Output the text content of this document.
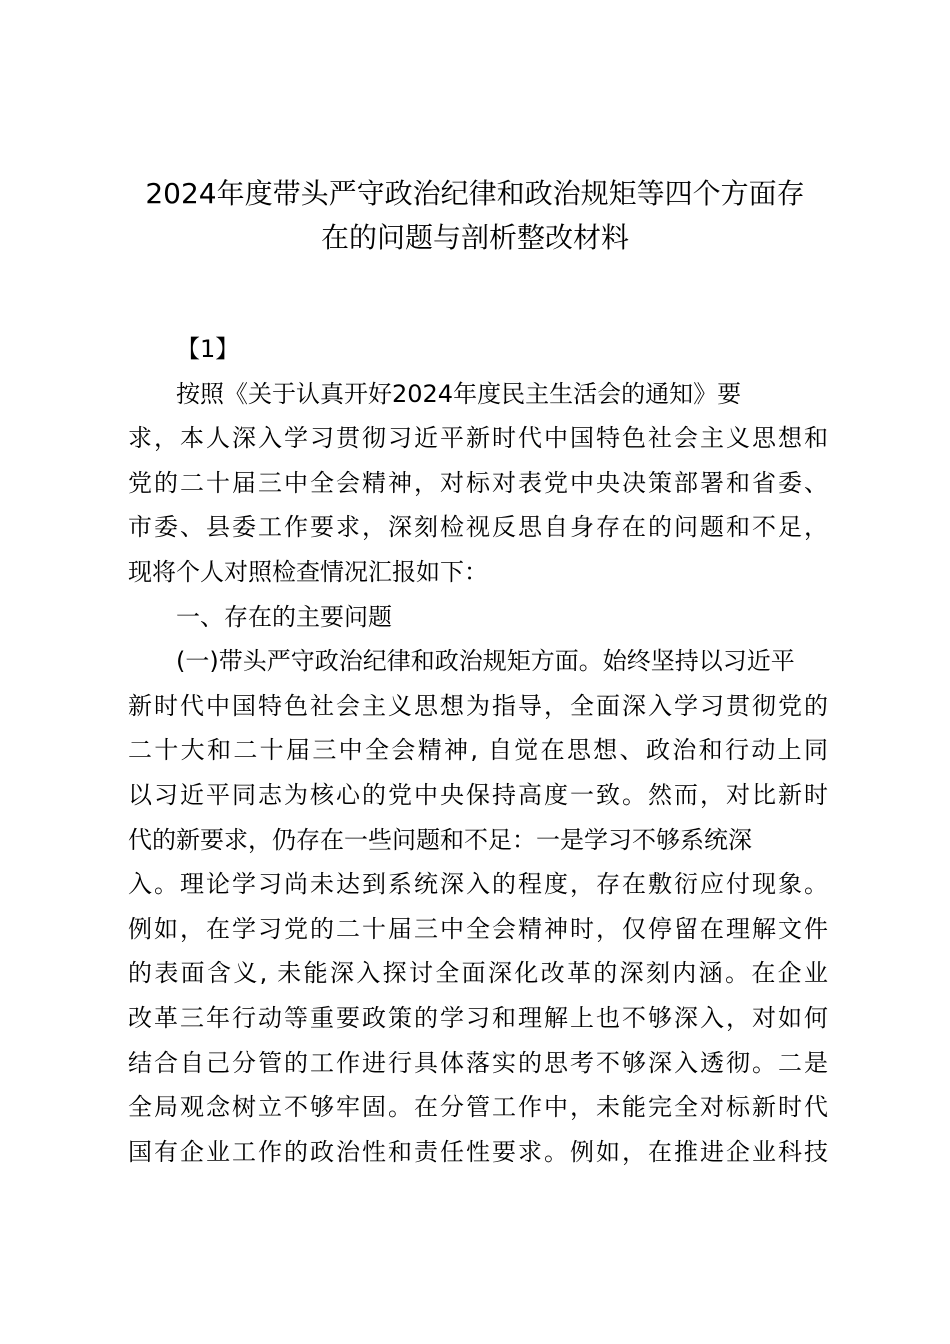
2024年度带头严守政治纪律和政治规矩等四个方面存
在的问题与剖析整改材料
【1】
按照《关于认真开好2024年度民主生活会的通知》要
求，本人深入学习贯彻习近平新时代中国特色社会主义思想和
党的二十届三中全会精神，对标对表党中央决策部署和省委、
市委、县委工作要求，深刻检视反思自身存在的问题和不足，
现将个人对照检查情况汇报如下：
一、存在的主要问题
(一)带头严守政治纪律和政治规矩方面。始终坚持以习近平
新时代中国特色社会主义思想为指导，全面深入学习贯彻党的
二十大和二十届三中全会精神, 自觉在思想、政治和行动上同
以习近平同志为核心的党中央保持高度一致。然而，对比新时
代的新要求，仍存在一些问题和不足：一是学习不够系统深
入。理论学习尚未达到系统深入的程度，存在敷衍应付现象。
例如，在学习党的二十届三中全会精神时，仅停留在理解文件
的表面含义, 未能深入探讨全面深化改革的深刻内涵。在企业
改革三年行动等重要政策的学习和理解上也不够深入，对如何
结合自己分管的工作进行具体落实的思考不够深入透彻。二是
全局观念树立不够牢固。在分管工作中，未能完全对标新时代
国有企业工作的政治性和责任性要求。例如，在推进企业科技
